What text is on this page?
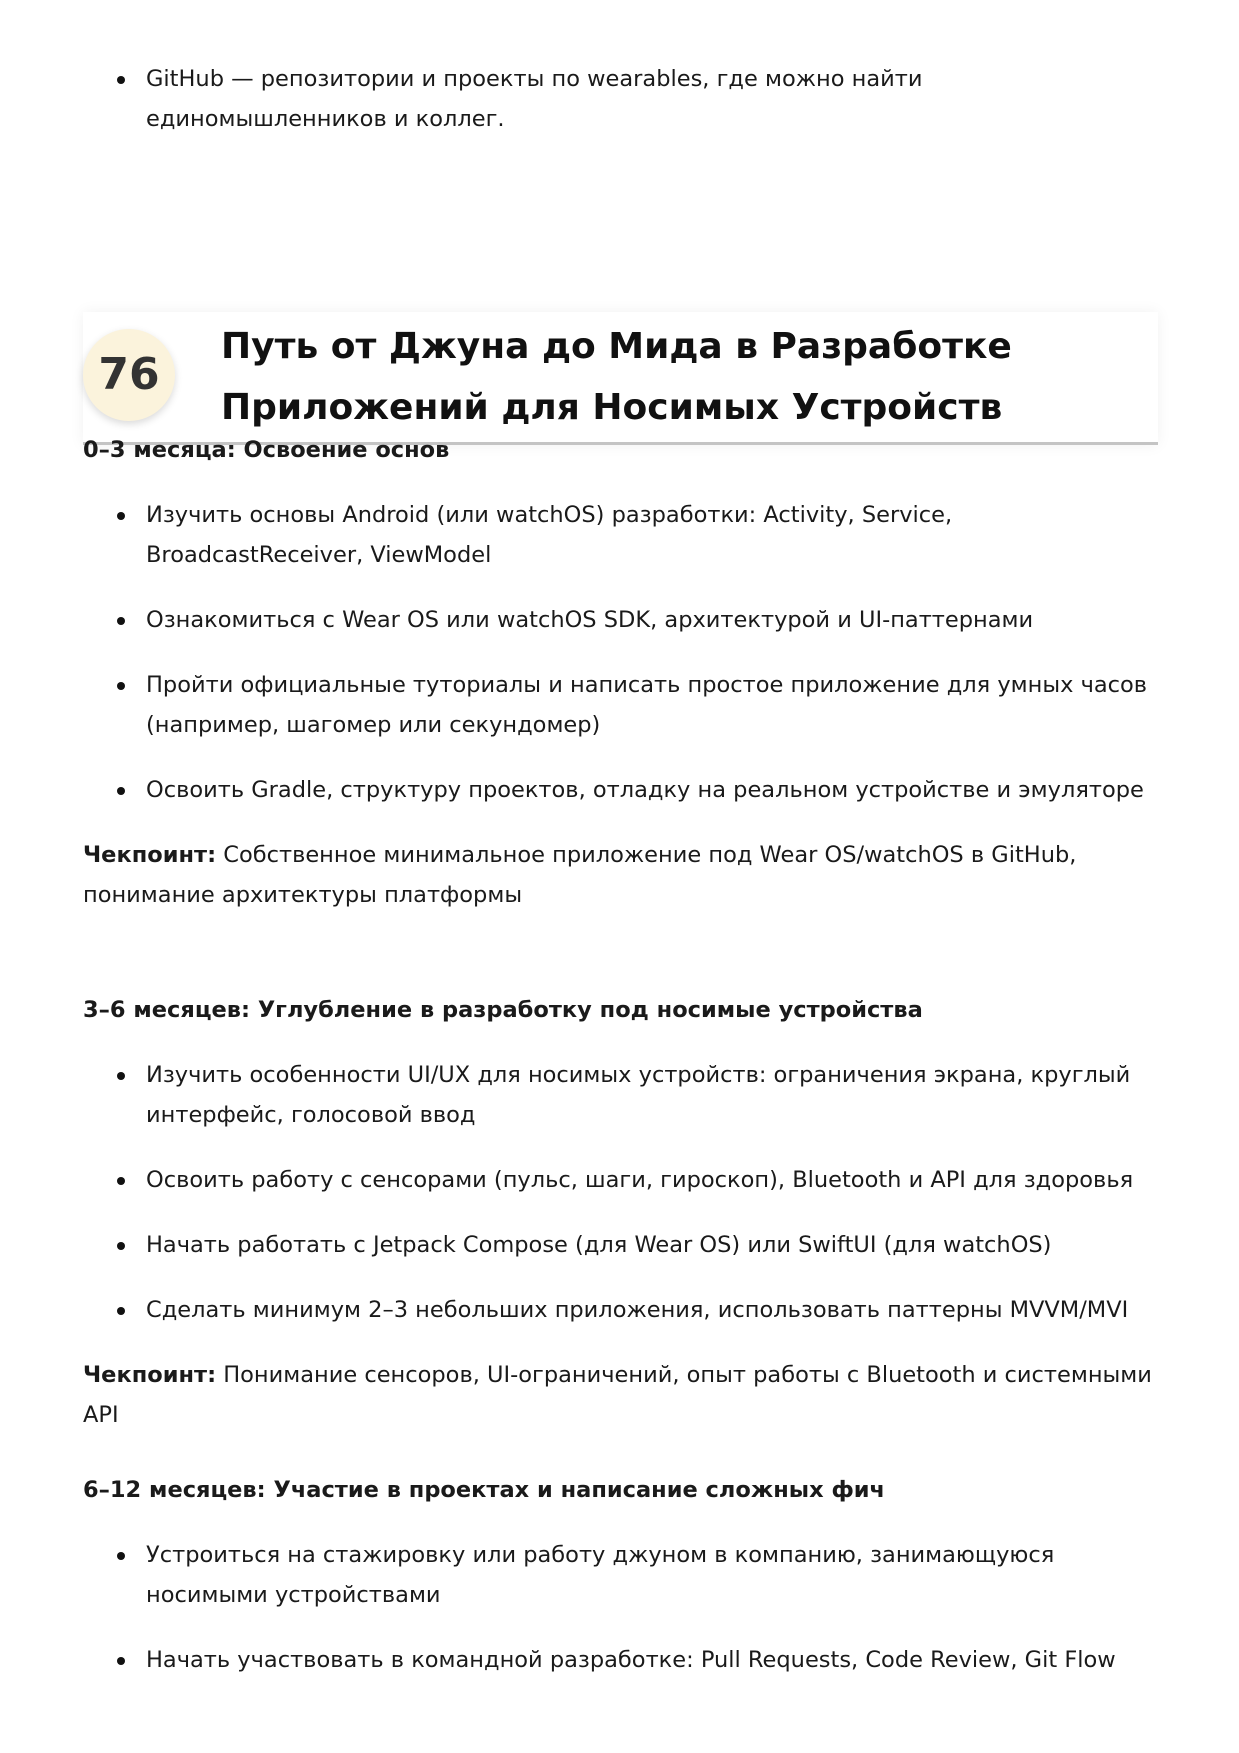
GitHub — репозитории и проекты по wearables, где можно найти единомышленников и коллег.
76
Путь от Джуна до Мида в Разработке Приложений для Носимых Устройств

0–3 месяца: Освоение основ

Изучить основы Android (или watchOS) разработки: Activity, Service, BroadcastReceiver, ViewModel
Ознакомиться с Wear OS или watchOS SDK, архитектурой и UI-паттернами
Пройти официальные туториалы и написать простое приложение для умных часов (например, шагомер или секундомер)
Освоить Gradle, структуру проектов, отладку на реальном устройстве и эмуляторе

Чекпоинт: Собственное минимальное приложение под Wear OS/watchOS в GitHub, понимание архитектуры платформы

3–6 месяцев: Углубление в разработку под носимые устройства

Изучить особенности UI/UX для носимых устройств: ограничения экрана, круглый интерфейс, голосовой ввод
Освоить работу с сенсорами (пульс, шаги, гироскоп), Bluetooth и API для здоровья
Начать работать с Jetpack Compose (для Wear OS) или SwiftUI (для watchOS)
Сделать минимум 2–3 небольших приложения, использовать паттерны MVVM/MVI

Чекпоинт: Понимание сенсоров, UI-ограничений, опыт работы с Bluetooth и системными API

6–12 месяцев: Участие в проектах и написание сложных фич

Устроиться на стажировку или работу джуном в компанию, занимающуюся носимыми устройствами
Начать участвовать в командной разработке: Pull Requests, Code Review, Git Flow
